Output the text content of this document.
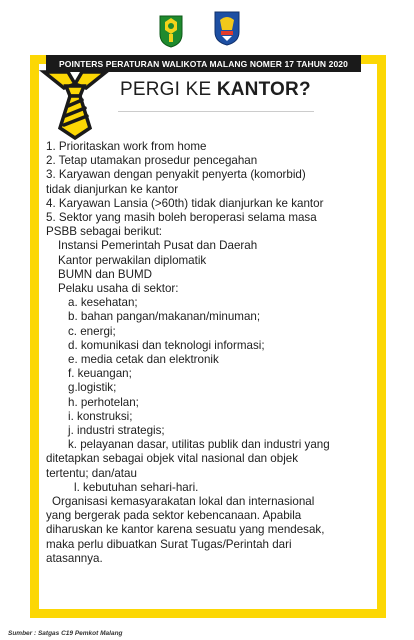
POINTERS PERATURAN WALIKOTA MALANG NOMER 17 TAHUN 2020
PERGI KE KANTOR?
1. Prioritaskan work from home
2. Tetap utamakan prosedur pencegahan
3. Karyawan dengan penyakit penyerta (komorbid)
tidak dianjurkan ke kantor
4. Karyawan Lansia (>60th) tidak dianjurkan ke kantor
5. Sektor yang masih boleh beroperasi selama masa
PSBB sebagai berikut:
Instansi Pemerintah Pusat dan Daerah
Kantor perwakilan diplomatik
BUMN dan BUMD
Pelaku usaha di sektor:
a. kesehatan;
b. bahan pangan/makanan/minuman;
c. energi;
d. komunikasi dan teknologi informasi;
e. media cetak dan elektronik
f. keuangan;
g.logistik;
h. perhotelan;
i. konstruksi;
j. industri strategis;
k. pelayanan dasar, utilitas publik dan industri yang
ditetapkan sebagai objek vital nasional dan objek
tertentu; dan/atau
l. kebutuhan sehari-hari.
Organisasi kemasyarakatan lokal dan internasional
yang bergerak pada sektor kebencanaan. Apabila
diharuskan ke kantor karena sesuatu yang mendesak,
maka perlu dibuatkan Surat Tugas/Perintah dari
atasannya.
Sumber : Satgas C19 Pemkot Malang
